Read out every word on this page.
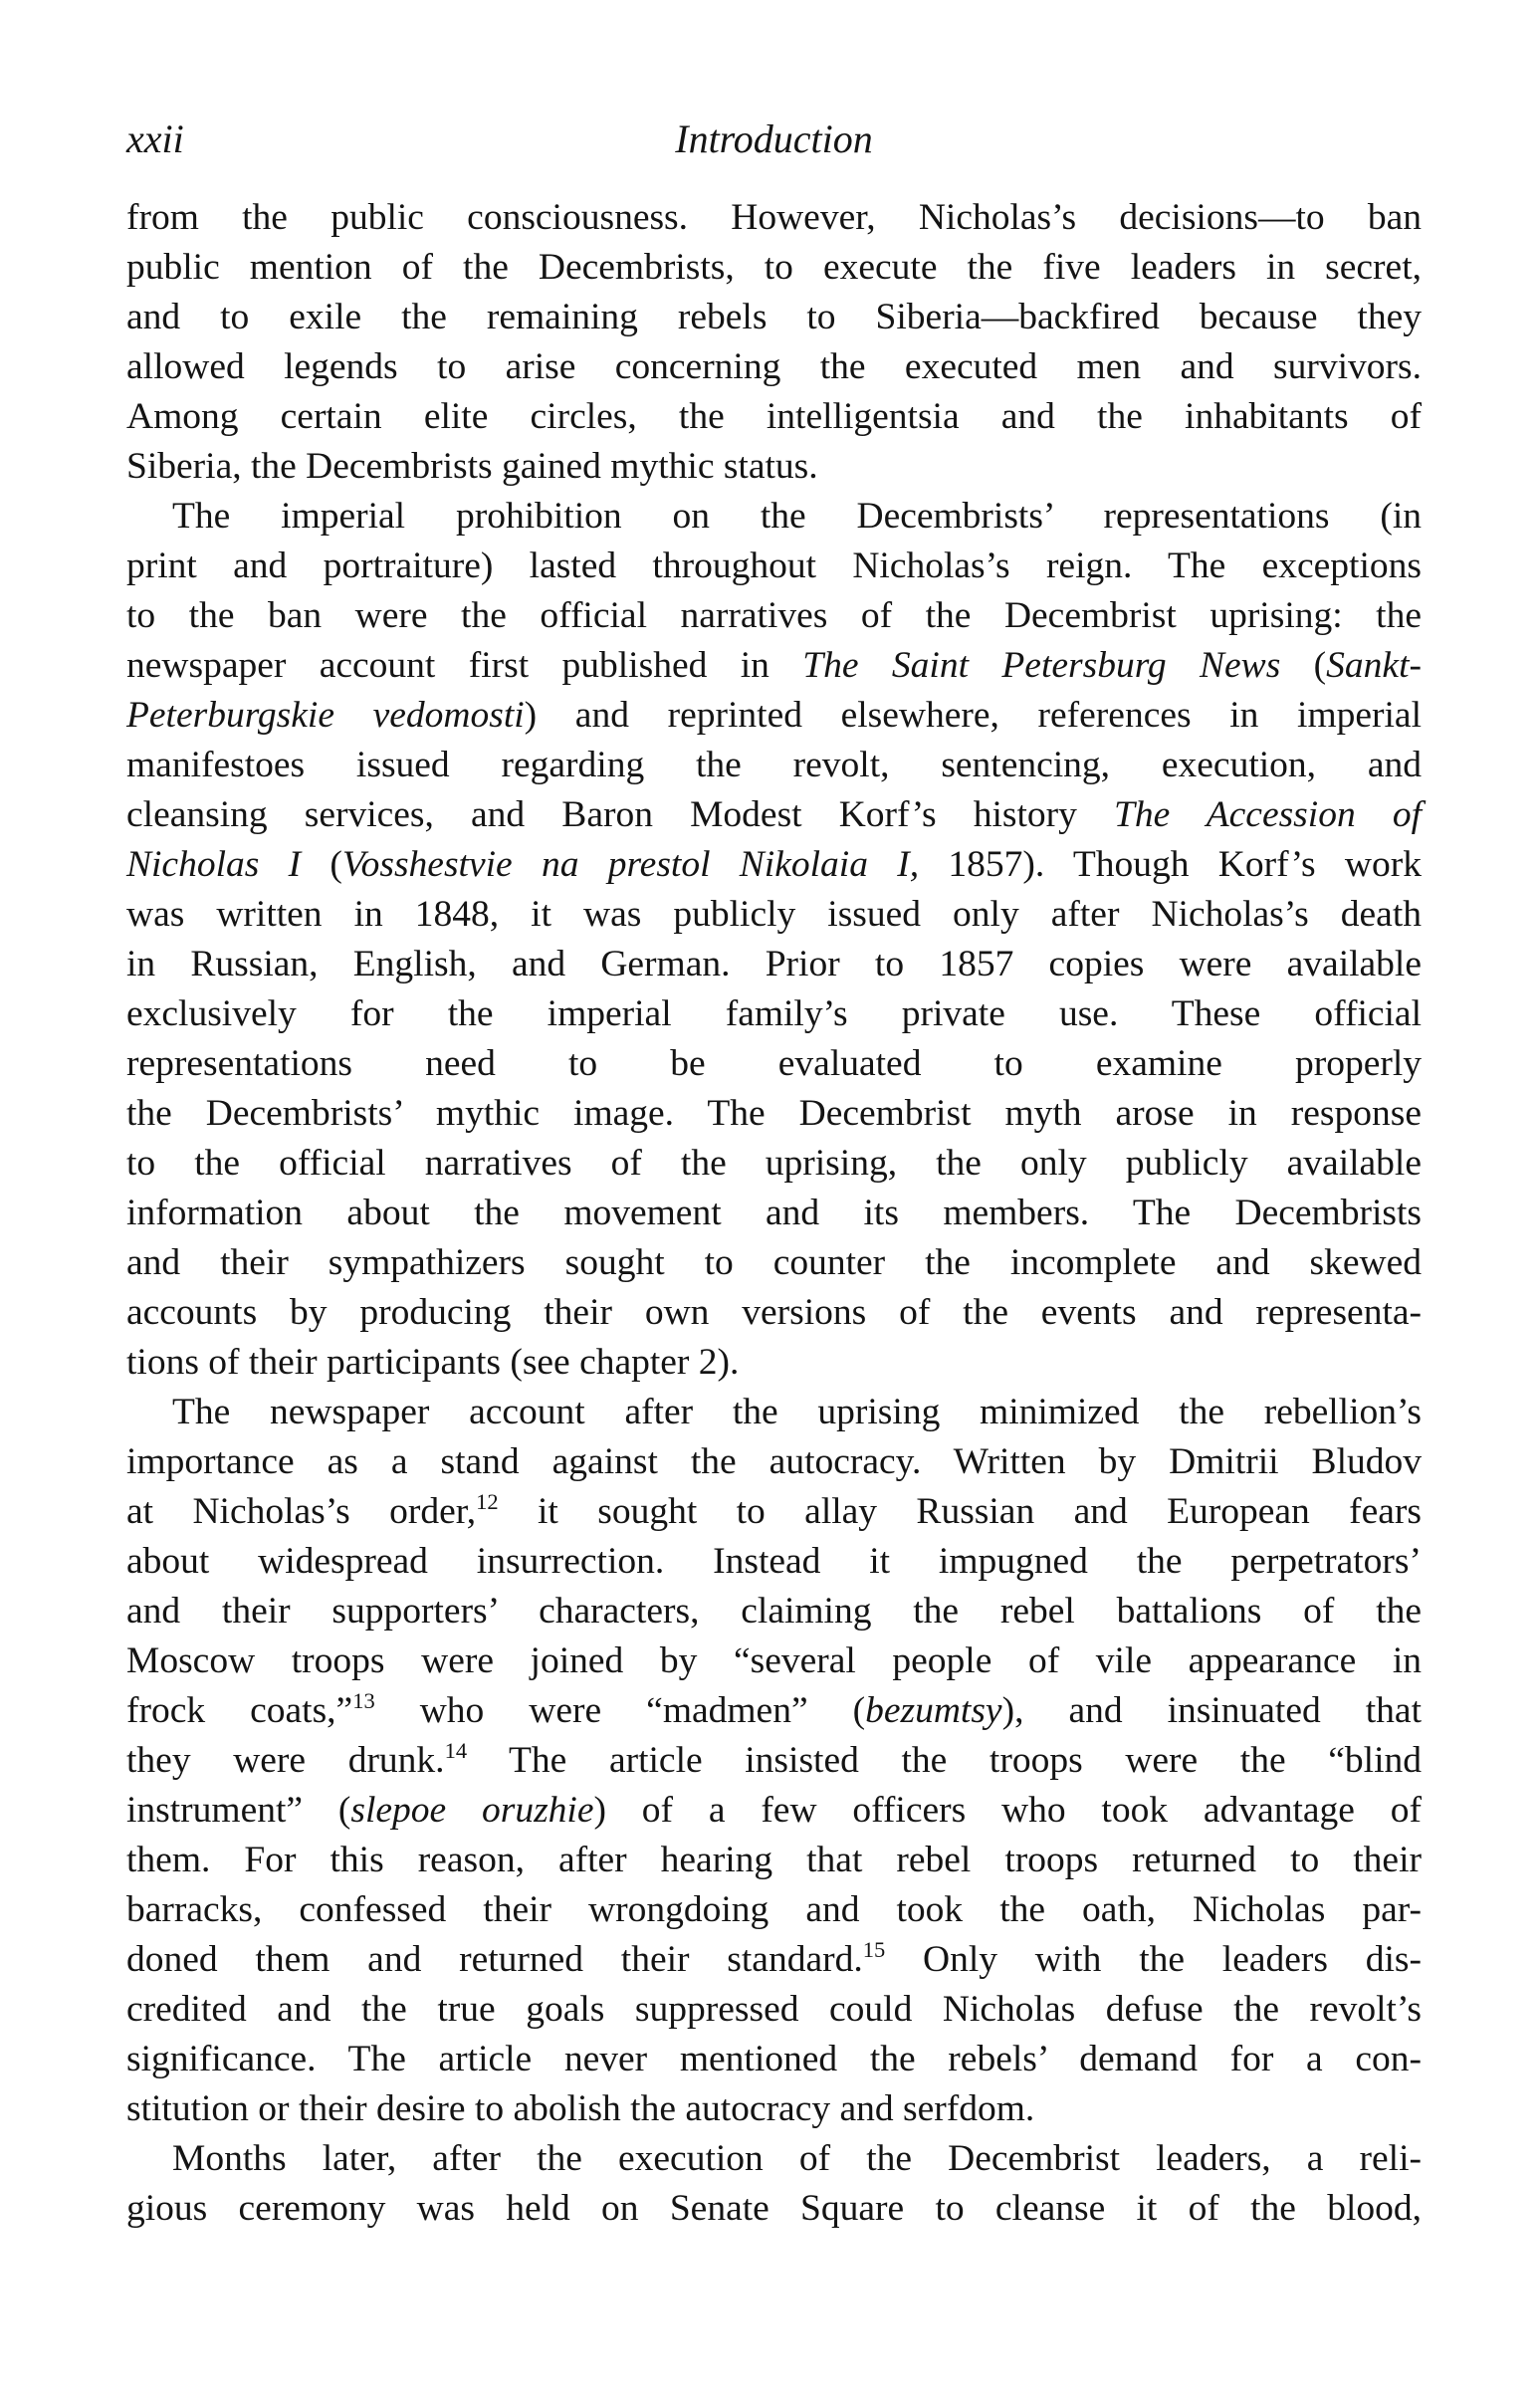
xxii	Introduction
from the public consciousness. However, Nicholas’s decisions—to ban
public mention of the Decembrists, to execute the five leaders in secret,
and to exile the remaining rebels to Siberia—backfired because they
allowed legends to arise concerning the executed men and survivors.
Among certain elite circles, the intelligentsia and the inhabitants of
Siberia, the Decembrists gained mythic status.
The imperial prohibition on the Decembrists’ representations (in
print and portraiture) lasted throughout Nicholas’s reign. The exceptions
to the ban were the official narratives of the Decembrist uprising: the
newspaper account first published in The Saint Petersburg News (Sankt-
Peterburgskie vedomosti) and reprinted elsewhere, references in imperial
manifestoes issued regarding the revolt, sentencing, execution, and
cleansing services, and Baron Modest Korf’s history The Accession of
Nicholas I (Vosshestvie na prestol Nikolaia I, 1857). Though Korf’s work
was written in 1848, it was publicly issued only after Nicholas’s death
in Russian, English, and German. Prior to 1857 copies were available
exclusively for the imperial family’s private use. These official
representations need to be evaluated to examine properly
the Decembrists’ mythic image. The Decembrist myth arose in response
to the official narratives of the uprising, the only publicly available
information about the movement and its members. The Decembrists
and their sympathizers sought to counter the incomplete and skewed
accounts by producing their own versions of the events and representa-
tions of their participants (see chapter 2).
The newspaper account after the uprising minimized the rebellion’s
importance as a stand against the autocracy. Written by Dmitrii Bludov
at Nicholas’s order,$^{12}$ it sought to allay Russian and European fears
about widespread insurrection. Instead it impugned the perpetrators’
and their supporters’ characters, claiming the rebel battalions of the
Moscow troops were joined by “several people of vile appearance in
frock coats,”$^{13}$ who were “madmen” (bezumtsy), and insinuated that
they were drunk.$^{14}$ The article insisted the troops were the “blind
instrument” (slepoe oruzhie) of a few officers who took advantage of
them. For this reason, after hearing that rebel troops returned to their
barracks, confessed their wrongdoing and took the oath, Nicholas par-
doned them and returned their standard.$^{15}$ Only with the leaders dis-
credited and the true goals suppressed could Nicholas defuse the revolt’s
significance. The article never mentioned the rebels’ demand for a con-
stitution or their desire to abolish the autocracy and serfdom.
Months later, after the execution of the Decembrist leaders, a reli-
gious ceremony was held on Senate Square to cleanse it of the blood,
